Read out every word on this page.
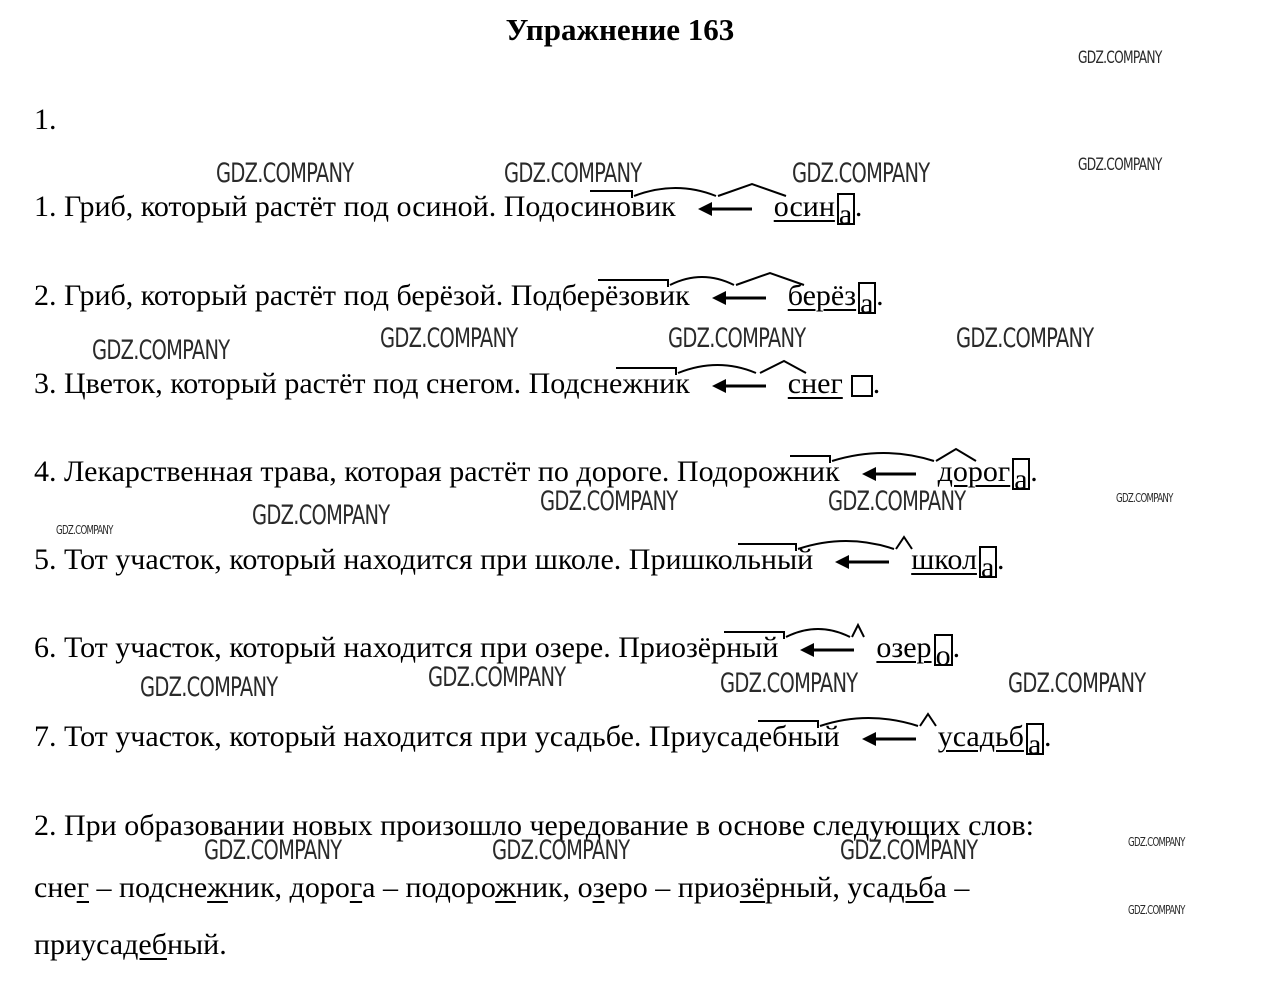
Упражнение 163
1.
1. Гриб, который растёт под осиной. Подосиновик	осин а.
2. Гриб, который растёт под берёзой. Подберёзовик	берёз а.
3. Цветок, который растёт под снегом. Подснежник	снег .
4. Лекарственная трава, которая растёт по дороге. Подорожник	дорог а.
5. Тот участок, который находится при школе. Пришкольный	школ а.
6. Тот участок, который находится при озере. Приозёрный	озер о.
7. Тот участок, который находится при усадьбе. Приусадебный	усадьб а.
2. При образовании новых произошло чередование в основе следующих слов:
снег – подснежник, дорога – подорожник, озеро – приозёрный, усадьба –
приусадебный.
GDZ.COMPANY
GDZ.COMPANY	GDZ.COMPANY	GDZ.COMPANY	GDZ.COMPANY
GDZ.COMPANY	GDZ.COMPANY	GDZ.COMPANY
GDZ.COMPANY
GDZ.COMPANY	GDZ.COMPANY	GDZ.COMPANY
GDZ.COMPANY
GDZ.COMPANY
GDZ.COMPANY
GDZ.COMPANY	GDZ.COMPANY	GDZ.COMPANY
GDZ.COMPANY	GDZ.COMPANY	GDZ.COMPANY	GDZ.COMPANY
GDZ.COMPANY
